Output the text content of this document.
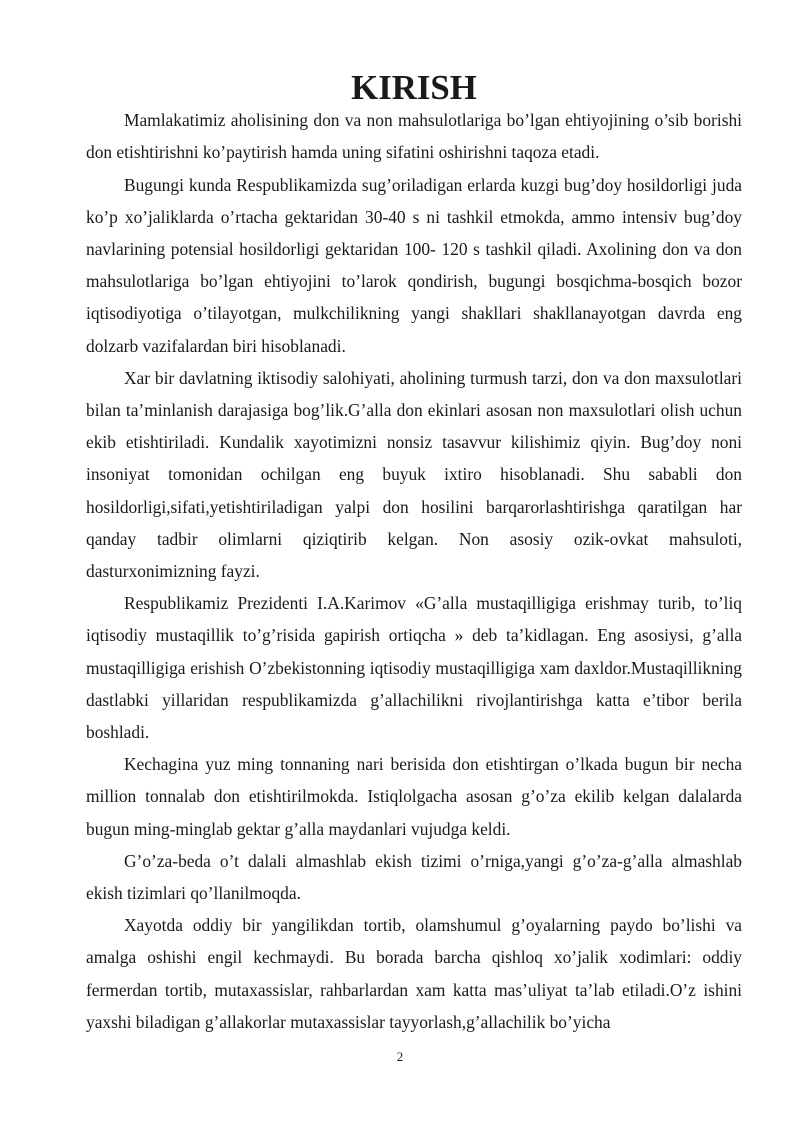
KIRISH

Mamlakatimiz aholisining don va non mahsulotlariga bo’lgan ehtiyojining o’sib borishi don etishtirishni ko’paytirish hamda uning sifatini oshirishni taqoza etadi.

Bugungi kunda Respublikamizda sug’oriladigan erlarda kuzgi bug’doy hosildorligi juda ko’p xo’jaliklarda o’rtacha gektaridan 30-40 s ni tashkil etmokda, ammo intensiv bug’doy navlarining potensial hosildorligi gektaridan 100- 120 s tashkil qiladi. Axolining don va don mahsulotlariga bo’lgan ehtiyojini to’larok qondirish, bugungi bosqichma-bosqich bozor iqtisodiyotiga o’tilayotgan, mulkchilikning yangi shakllari shakllanayotgan davrda eng dolzarb vazifalardan biri hisoblanadi.

Xar bir davlatning iktisodiy salohiyati, aholining turmush tarzi, don va don maxsulotlari bilan ta’minlanish darajasiga bog’lik.G’alla don ekinlari asosan non maxsulotlari olish uchun ekib etishtiriladi. Kundalik xayotimizni nonsiz tasavvur kilishimiz qiyin. Bug’doy noni insoniyat tomonidan ochilgan eng buyuk ixtiro hisoblanadi. Shu sababli don hosildorligi,sifati,yetishtiriladigan yalpi don hosilini barqarorlashtirishga qaratilgan har qanday tadbir olimlarni qiziqtirib kelgan. Non asosiy ozik-ovkat mahsuloti, dasturxonimizning fayzi.

Respublikamiz Prezidenti I.A.Karimov «G’alla mustaqilligiga erishmay turib, to’liq iqtisodiy mustaqillik to’g’risida gapirish ortiqcha » deb ta’kidlagan. Eng asosiysi, g’alla mustaqilligiga erishish O’zbekistonning iqtisodiy mustaqilligiga xam daxldor.Mustaqillikning dastlabki yillaridan respublikamizda g’allachilikni rivojlantirishga katta e’tibor berila boshladi.

Kechagina yuz ming tonnaning nari berisida don etishtirgan o’lkada bugun bir necha million tonnalab don etishtirilmokda. Istiqlolgacha asosan g’o’za ekilib kelgan dalalarda bugun ming-minglab gektar g’alla maydanlari vujudga keldi.

G’o’za-beda o’t dalali almashlab ekish tizimi o’rniga,yangi g’o’za-g’alla almashlab ekish tizimlari qo’llanilmoqda.

Xayotda oddiy bir yangilikdan tortib, olamshumul g’oyalarning paydo bo’lishi va amalga oshishi engil kechmaydi. Bu borada barcha qishloq xo’jalik xodimlari: oddiy fermerdan tortib, mutaxassislar, rahbarlardan xam katta mas’uliyat ta’lab etiladi.O’z ishini yaxshi biladigan g’allakorlar mutaxassislar tayyorlash,g’allachilik bo’yicha

2
